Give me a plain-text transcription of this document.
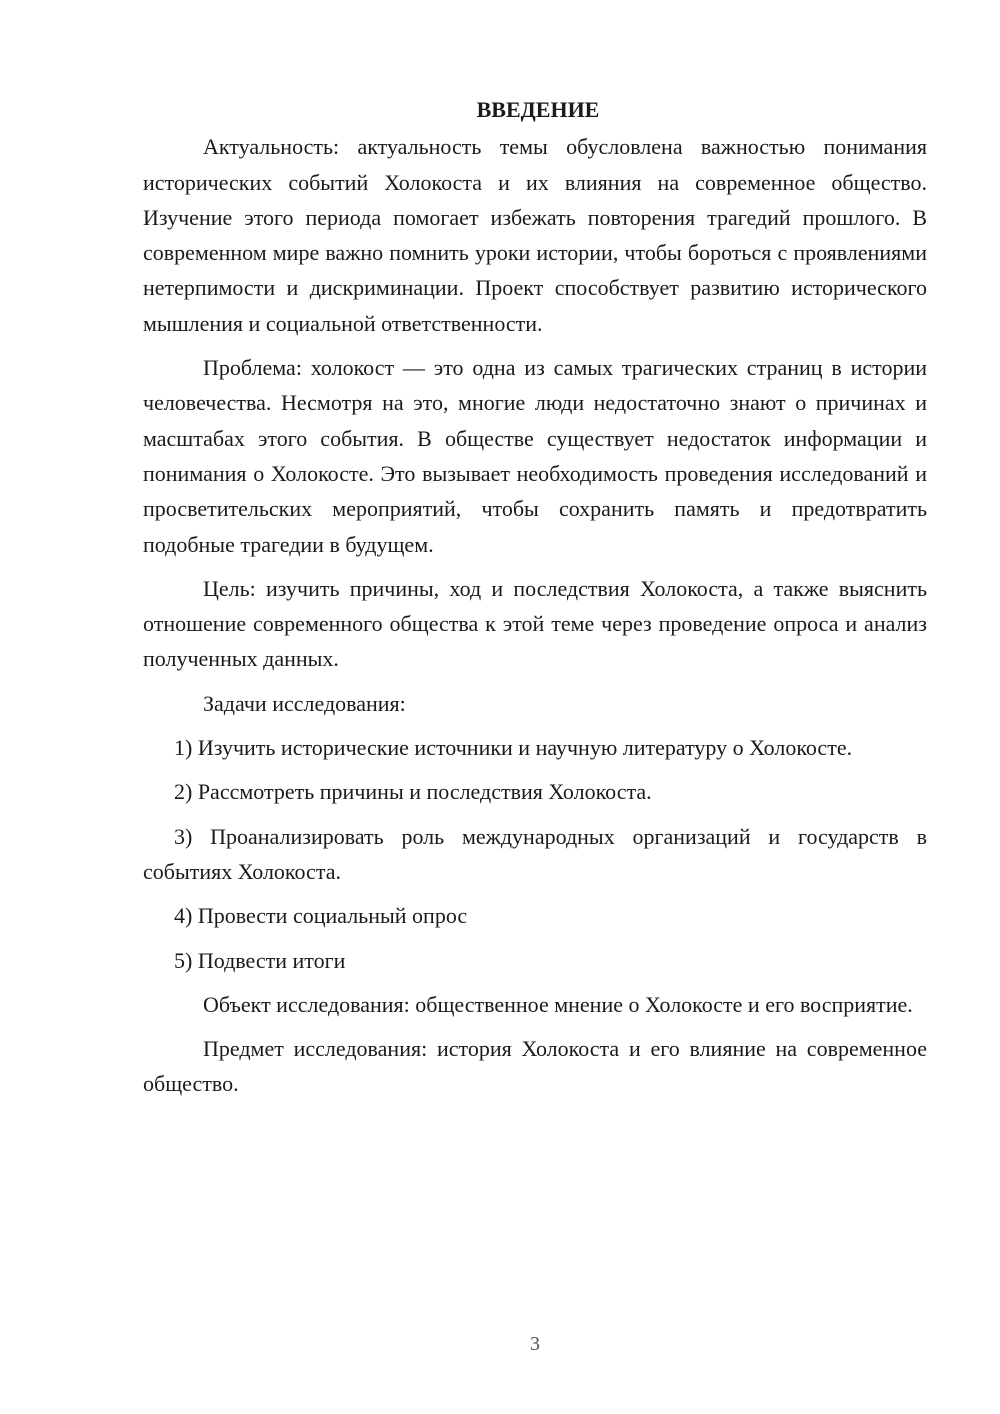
ВВЕДЕНИЕ

Актуальность: актуальность темы обусловлена важностью понимания исторических событий Холокоста и их влияния на современное общество. Изучение этого периода помогает избежать повторения трагедий прошлого. В современном мире важно помнить уроки истории, чтобы бороться с проявлениями нетерпимости и дискриминации. Проект способствует развитию исторического мышления и социальной ответственности.

Проблема: холокост — это одна из самых трагических страниц в истории человечества. Несмотря на это, многие люди недостаточно знают о причинах и масштабах этого события. В обществе существует недостаток информации и понимания о Холокосте. Это вызывает необходимость проведения исследований и просветительских мероприятий, чтобы сохранить память и предотвратить подобные трагедии в будущем.

Цель: изучить причины, ход и последствия Холокоста, а также выяснить отношение современного общества к этой теме через проведение опроса и анализ полученных данных.

Задачи исследования:

1) Изучить исторические источники и научную литературу о Холокосте.

2) Рассмотреть причины и последствия Холокоста.

3) Проанализировать роль международных организаций и государств в событиях Холокоста.

4) Провести социальный опрос

5) Подвести итоги

Объект исследования: общественное мнение о Холокосте и его восприятие.

Предмет исследования: история Холокоста и его влияние на современное общество.

3
